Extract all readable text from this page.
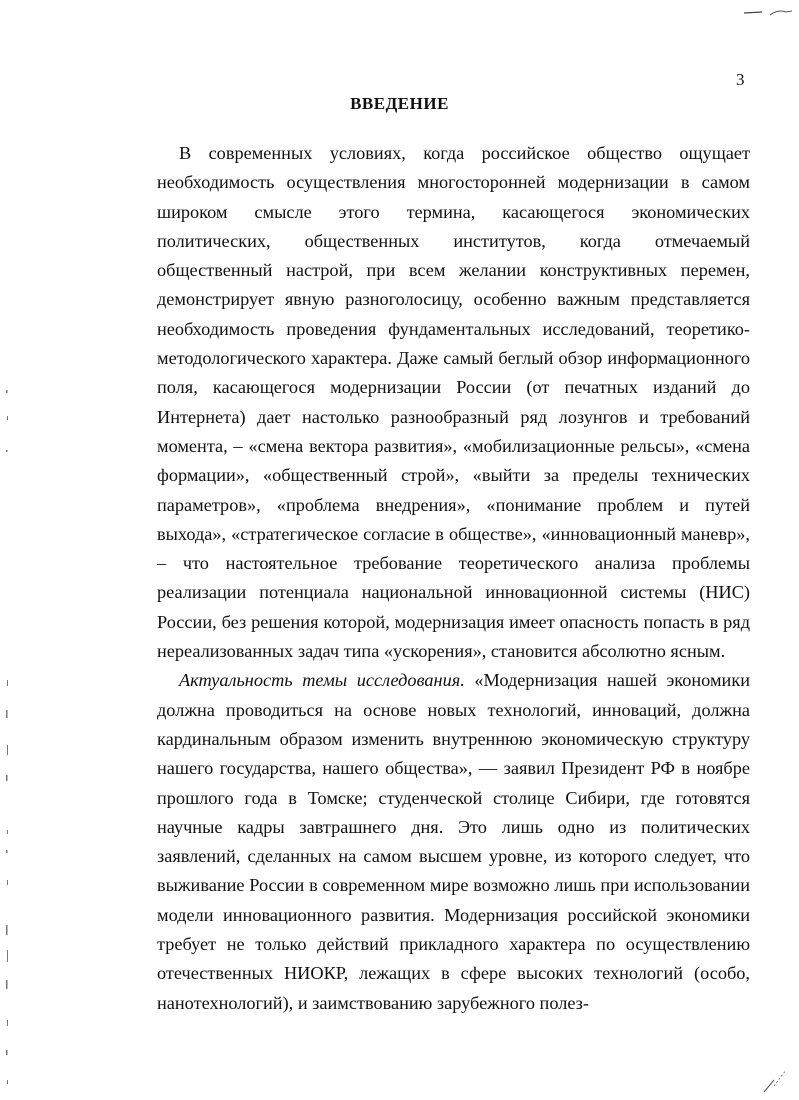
3
ВВЕДЕНИЕ

В современных условиях, когда российское общество ощущает необходимость осуществления многосторонней модернизации в самом широком смысле этого термина, касающегося экономических политических, общественных институтов, когда отмечаемый общественный настрой, при всем желании конструктивных перемен, демонстрирует явную разноголосицу, особенно важным представляется необходимость проведения фундаментальных исследований, теоретико-методологического характера. Даже самый беглый обзор информационного поля, касающегося модернизации России (от печатных изданий до Интернета) дает настолько разнообразный ряд лозунгов и требований момента, – «смена вектора развития», «мобилизационные рельсы», «смена формации», «общественный строй», «выйти за пределы технических параметров», «проблема внедрения», «понимание проблем и путей выхода», «стратегическое согласие в обществе», «инновационный маневр», – что настоятельное требование теоретического анализа проблемы реализации потенциала национальной инновационной системы (НИС) России, без решения которой, модернизация имеет опасность попасть в ряд нереализованных задач типа «ускорения», становится абсолютно ясным.

Актуальность темы исследования. «Модернизация нашей экономики должна проводиться на основе новых технологий, инноваций, должна кардинальным образом изменить внутреннюю экономическую структуру нашего государства, нашего общества», — заявил Президент РФ в ноябре прошлого года в Томске; студенческой столице Сибири, где готовятся научные кадры завтрашнего дня. Это лишь одно из политических заявлений, сделанных на самом высшем уровне, из которого следует, что выживание России в современном мире возможно лишь при использовании модели инновационного развития. Модернизация российской экономики требует не только действий прикладного характера по осуществлению отечественных НИОКР, лежащих в сфере высоких технологий (особо, нанотехнологий), и заимствованию зарубежного полез-
